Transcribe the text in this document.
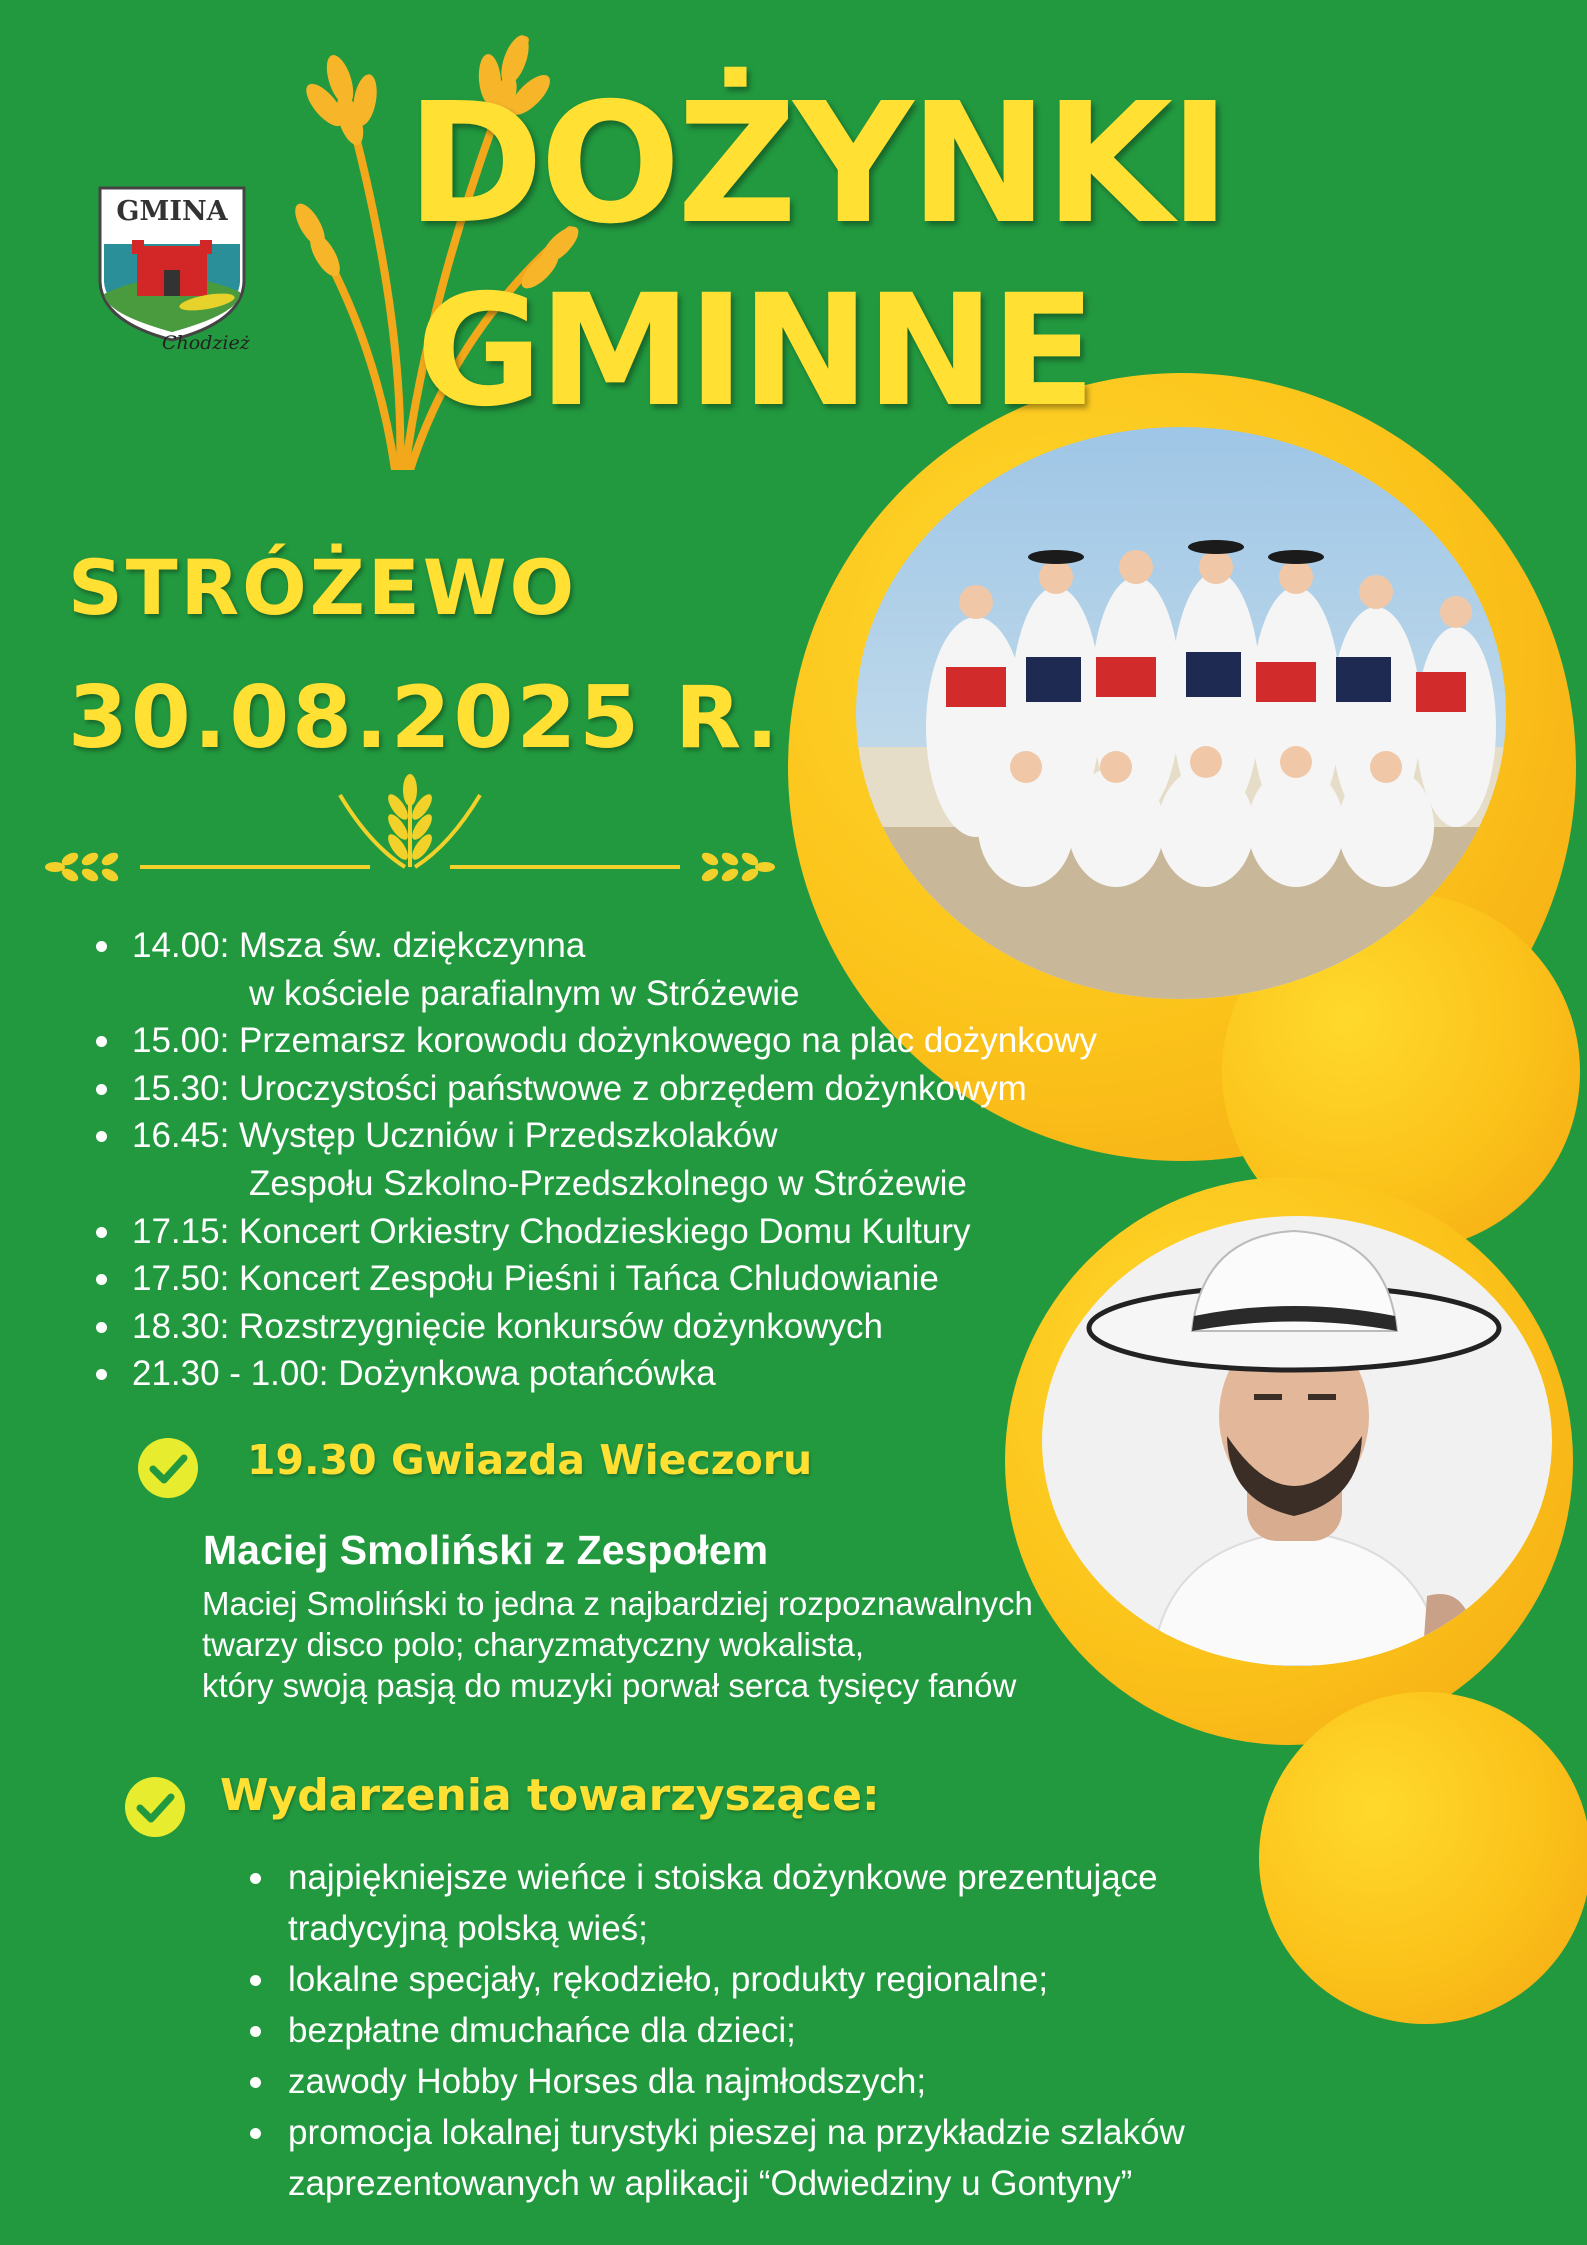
GMINA
Chodzież
DOŻYNKI
GMINNE
STRÓŻEWO
30.08.2025 R.
14.00: Msza św. dziękczynna
w kościele parafialnym w Stróżewie
15.00: Przemarsz korowodu dożynkowego na plac dożynkowy
15.30: Uroczystości państwowe z obrzędem dożynkowym
16.45: Występ Uczniów i Przedszkolaków
Zespołu Szkolno-Przedszkolnego w Stróżewie
17.15: Koncert Orkiestry Chodzieskiego Domu Kultury
17.50: Koncert Zespołu Pieśni i Tańca Chludowianie
18.30: Rozstrzygnięcie konkursów dożynkowych
21.30 - 1.00: Dożynkowa potańcówka
19.30 Gwiazda Wieczoru
Maciej Smoliński z Zespołem
Maciej Smoliński to jedna z najbardziej rozpoznawalnych
twarzy disco polo; charyzmatyczny wokalista,
który swoją pasją do muzyki porwał serca tysięcy fanów
Wydarzenia towarzyszące:
najpiękniejsze wieńce i stoiska dożynkowe prezentujące
tradycyjną polską wieś;
lokalne specjały, rękodzieło, produkty regionalne;
bezpłatne dmuchańce dla dzieci;
zawody Hobby Horses dla najmłodszych;
promocja lokalnej turystyki pieszej na przykładzie szlaków
zaprezentowanych w aplikacji “Odwiedziny u Gontyny”
